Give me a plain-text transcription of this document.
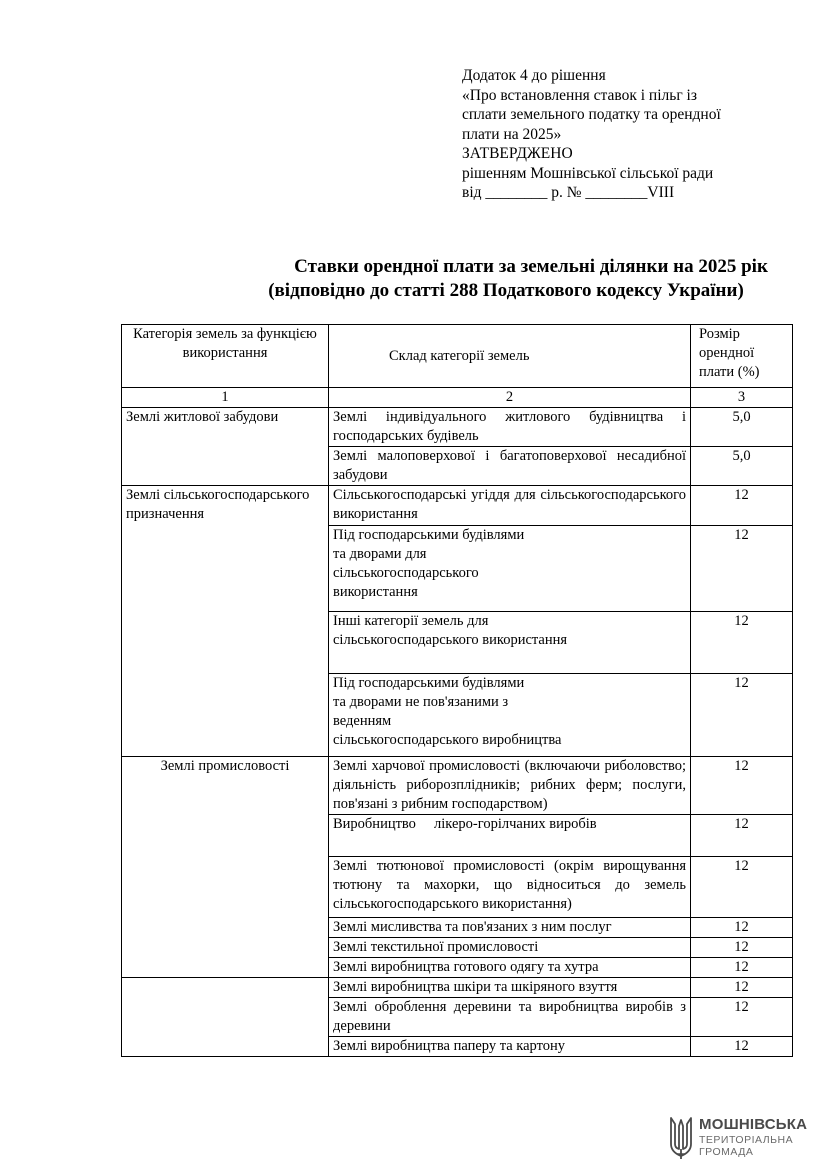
Додаток 4 до рішення
«Про встановлення ставок і пільг із
сплати земельного податку та орендної
плати на 2025»
ЗАТВЕРДЖЕНО
рішенням Мошнівської сільської ради
від ________ р. № ________VIII
Ставки орендної плати за земельні ділянки на 2025 рік
(відповідно до статті 288 Податкового кодексу України)
Категорія земель за функцією використання	Склад категорії земель	Розмір орендної плати (%)
1	2	3
Землі житлової забудови	Землі індивідуального житлового будівництва і господарських будівель	5,0
	Землі малоповерхової і багатоповерхової несадибної забудови	5,0
Землі сільськогосподарського призначення	Сільськогосподарські угіддя для сільськогосподарського використання	12
	Під господарськими будівлями
та дворами для
сільськогосподарського
використання	12
	Інші категорії земель для
сільськогосподарського використання	12
	Під господарськими будівлями
та дворами не пов'язаними з
веденням
сільськогосподарського виробництва	12
Землі промисловості	Землі харчової промисловості (включаючи риболовство; діяльність риборозплідників; рибних ферм; послуги, пов'язані з рибним господарством)	12
	Виробництво     лікеро-горілчаних виробів	12
	Землі тютюнової промисловості (окрім вирощування тютюну та махорки, що відноситься до земель сільськогосподарського використання)	12
	Землі мисливства та пов'язаних з ним послуг	12
	Землі текстильної промисловості	12
	Землі виробництва готового одягу та хутра	12
	Землі виробництва шкіри та шкіряного взуття	12
	Землі оброблення деревини та виробництва виробів з деревини	12
	Землі виробництва паперу та картону	12
МОШНІВСЬКА
ТЕРИТОРІАЛЬНА
ГРОМАДА
